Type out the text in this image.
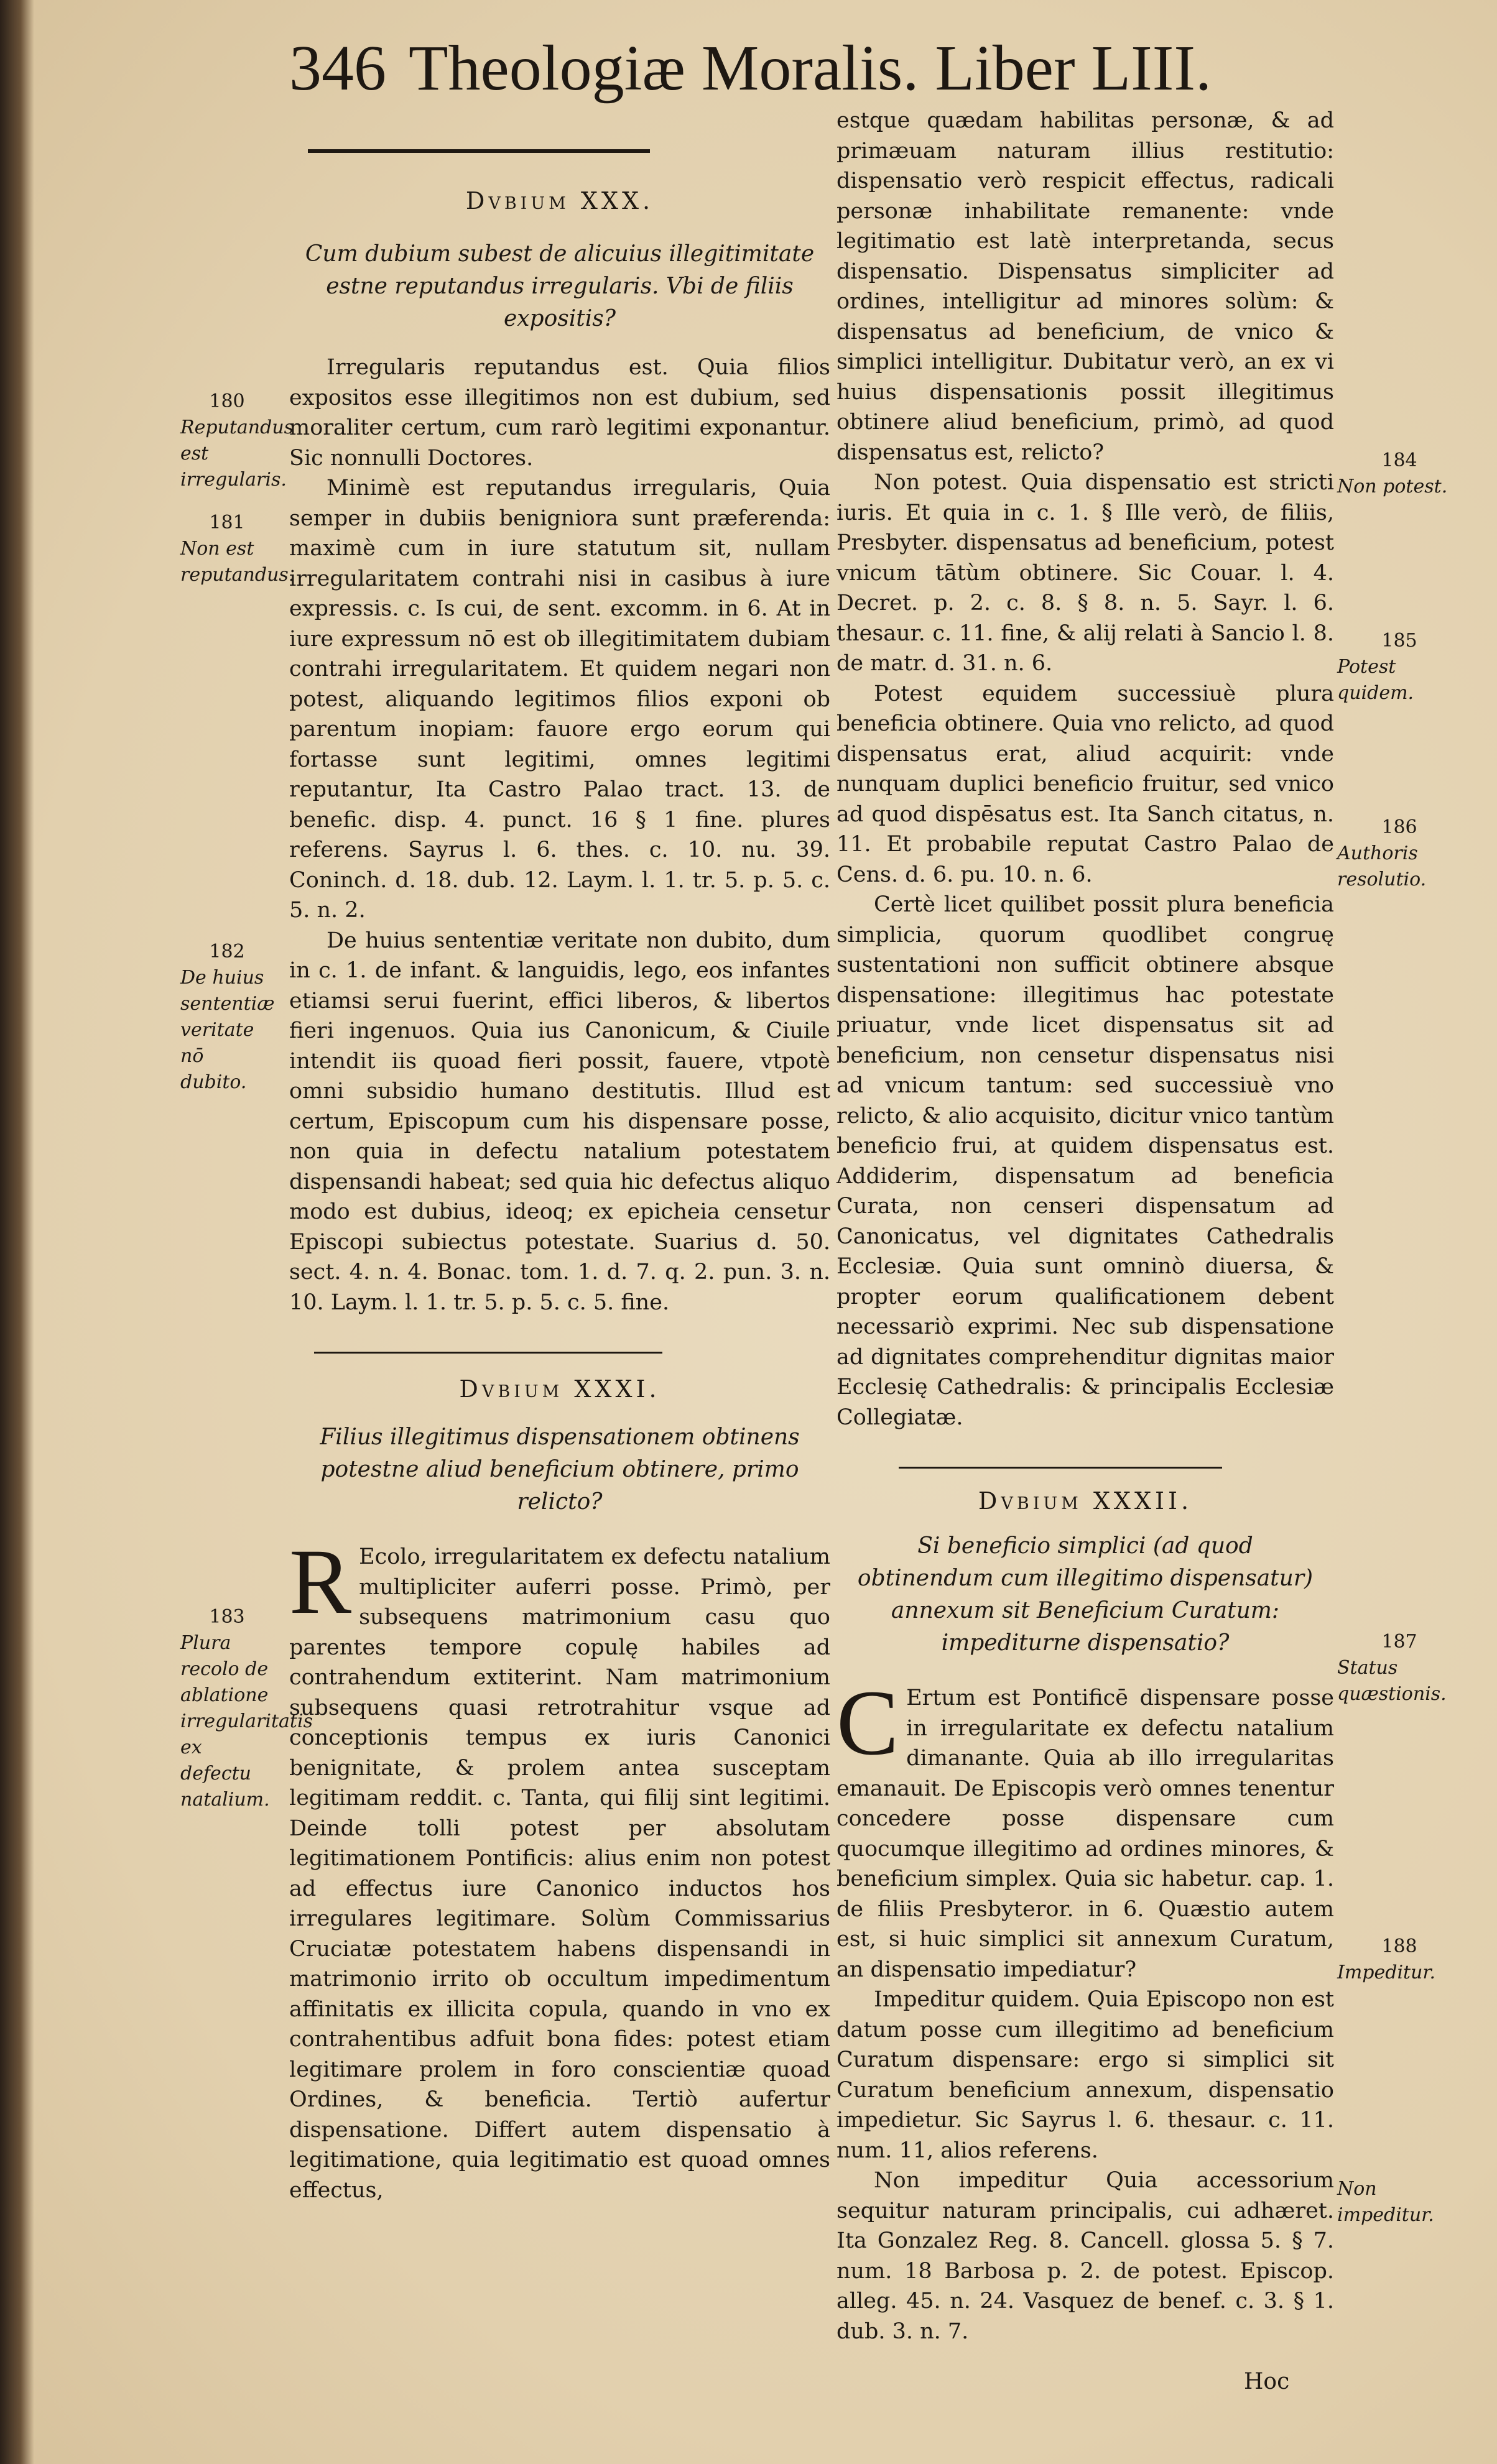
346 Theologiæ Moralis. Liber LIII.

Dvbium XXX.

Cum dubium subest de alicuius illegitimitate estne reputandus irregularis. Vbi de filiis expositis?

Irregularis reputandus est. Quia filios expositos esse illegitimos non est dubium, sed moraliter certum, cum rarò legitimi exponantur. Sic nonnulli Doctores.

Minimè est reputandus irregularis, Quia semper in dubiis benigniora sunt præferenda: maximè cum in iure statutum sit, nullam irregularitatem contrahi nisi in casibus à iure expressis. c. Is cui, de sent. excomm. in 6. At in iure expressum nō est ob illegitimitatem dubiam contrahi irregularitatem. Et quidem negari non potest, aliquando legitimos filios exponi ob parentum inopiam: fauore ergo eorum qui fortasse sunt legitimi, omnes legitimi reputantur, Ita Castro Palao tract. 13. de benefic. disp. 4. punct. 16 § 1 fine. plures referens. Sayrus l. 6. thes. c. 10. nu. 39. Coninch. d. 18. dub. 12. Laym. l. 1. tr. 5. p. 5. c. 5. n. 2.

De huius sententiæ veritate non dubito, dum in c. 1. de infant. & languidis, lego, eos infantes etiamsi serui fuerint, effici liberos, & libertos fieri ingenuos. Quia ius Canonicum, & Ciuile intendit iis quoad fieri possit, fauere, vtpotè omni subsidio humano destitutis. Illud est certum, Episcopum cum his dispensare posse, non quia in defectu natalium potestatem dispensandi habeat; sed quia hic defectus aliquo modo est dubius, ideoq; ex epicheia censetur Episcopi subiectus potestate. Suarius d. 50. sect. 4. n. 4. Bonac. tom. 1. d. 7. q. 2. pun. 3. n. 10. Laym. l. 1. tr. 5. p. 5. c. 5. fine.

Dvbium XXXI.

Filius illegitimus dispensationem obtinens potestne aliud beneficium obtinere, primo relicto?

R Ecolo, irregularitatem ex defectu natalium multipliciter auferri posse. Primò, per subsequens matrimonium casu quo parentes tempore copulę habiles ad contrahendum extiterint. Nam matrimonium subsequens quasi retrotrahitur vsque ad conceptionis tempus ex iuris Canonici benignitate, & prolem antea susceptam legitimam reddit. c. Tanta, qui filij sint legitimi. Deinde tolli potest per absolutam legitimationem Pontificis: alius enim non potest ad effectus iure Canonico inductos hos irregulares legitimare. Solùm Commissarius Cruciatæ potestatem habens dispensandi in matrimonio irrito ob occultum impedimentum affinitatis ex illicita copula, quando in vno ex contrahentibus adfuit bona fides: potest etiam legitimare prolem in foro conscientiæ quoad Ordines, & beneficia. Tertiò aufertur dispensatione. Differt autem dispensatio à legitimatione, quia legitimatio est quoad omnes effectus,

estque quædam habilitas personæ, & ad primæuam naturam illius restitutio: dispensatio verò respicit effectus, radicali personæ inhabilitate remanente: vnde legitimatio est latè interpretanda, secus dispensatio. Dispensatus simpliciter ad ordines, intelligitur ad minores solùm: & dispensatus ad beneficium, de vnico & simplici intelligitur. Dubitatur verò, an ex vi huius dispensationis possit illegitimus obtinere aliud beneficium, primò, ad quod dispensatus est, relicto?

Non potest. Quia dispensatio est stricti iuris. Et quia in c. 1. § Ille verò, de filiis, Presbyter. dispensatus ad beneficium, potest vnicum tātùm obtinere. Sic Couar. l. 4. Decret. p. 2. c. 8. § 8. n. 5. Sayr. l. 6. thesaur. c. 11. fine, & alij relati à Sancio l. 8. de matr. d. 31. n. 6.

Potest equidem successiuè plura beneficia obtinere. Quia vno relicto, ad quod dispensatus erat, aliud acquirit: vnde nunquam duplici beneficio fruitur, sed vnico ad quod dispēsatus est. Ita Sanch citatus, n. 11. Et probabile reputat Castro Palao de Cens. d. 6. pu. 10. n. 6.

Certè licet quilibet possit plura beneficia simplicia, quorum quodlibet congruę sustentationi non sufficit obtinere absque dispensatione: illegitimus hac potestate priuatur, vnde licet dispensatus sit ad beneficium, non censetur dispensatus nisi ad vnicum tantum: sed successiuè vno relicto, & alio acquisito, dicitur vnico tantùm beneficio frui, at quidem dispensatus est. Addiderim, dispensatum ad beneficia Curata, non censeri dispensatum ad Canonicatus, vel dignitates Cathedralis Ecclesiæ. Quia sunt omninò diuersa, & propter eorum qualificationem debent necessariò exprimi. Nec sub dispensatione ad dignitates comprehenditur dignitas maior Ecclesię Cathedralis: & principalis Ecclesiæ Collegiatæ.

Dvbium XXXII.

Si beneficio simplici (ad quod obtinendum cum illegitimo dispensatur) annexum sit Beneficium Curatum: impediturne dispensatio?

C Ertum est Pontificē dispensare posse in irregularitate ex defectu natalium dimanante. Quia ab illo irregularitas emanauit. De Episcopis verò omnes tenentur concedere posse dispensare cum quocumque illegitimo ad ordines minores, & beneficium simplex. Quia sic habetur. cap. 1. de filiis Presbyteror. in 6. Quæstio autem est, si huic simplici sit annexum Curatum, an dispensatio impediatur?

Impeditur quidem. Quia Episcopo non est datum posse cum illegitimo ad beneficium Curatum dispensare: ergo si simplici sit Curatum beneficium annexum, dispensatio impedietur. Sic Sayrus l. 6. thesaur. c. 11. num. 11, alios referens.

Non impeditur Quia accessorium sequitur naturam principalis, cui adhæret. Ita Gonzalez Reg. 8. Cancell. glossa 5. § 7. num. 18 Barbosa p. 2. de potest. Episcop. alleg. 45. n. 24. Vasquez de benef. c. 3. § 1. dub. 3. n. 7.

180
Reputandus est irregularis.
181
Non est reputandus.
182
De huius sententiæ veritate nō dubito.
183
Plura recolo de ablatione irregularitatis ex defectu natalium.
184
Non potest.
185
Potest quidem.
186
Authoris resolutio.
187
Status quæstionis.
188
Impeditur.
Non impeditur.
Hoc
